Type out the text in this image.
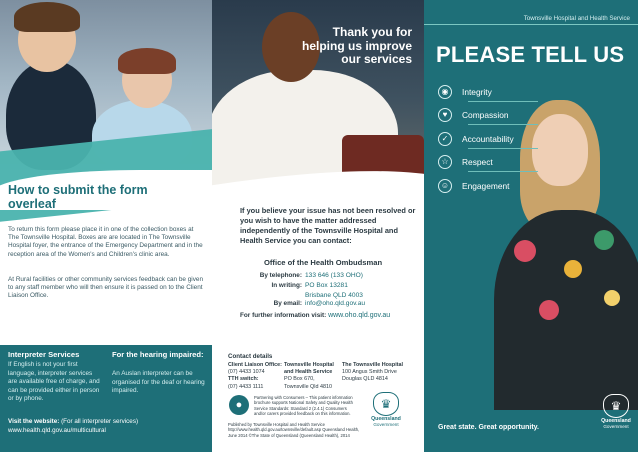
How to submit the form overleaf
To return this form please place it in one of the collection boxes at The Townsville Hospital. Boxes are are located in The Townsville Hospital foyer, the entrance of the Emergency Department and in the reception area of the Women's and Children's clinic area.
At Rural facilities or other community services feedback can be given to any staff member who will then ensure it is passed on to the Client Liaison Office.
Interpreter Services
If English is not your first language, interpreter services are available free of charge, and can be provided either in person or by phone.
For the hearing impaired:
An Auslan interpreter can be organised for the deaf or hearing impaired.
Visit the website: (For all interpreter services)
www.health.qld.gov.au/multicultural
Thank you for helping us improve our services
If you believe your issue has not been resolved or you wish to have the matter addressed independently of the Townsville Hospital and Health Service you can contact:
Office of the Health Ombudsman
By telephone: 133 646 (133 OHO)
In writing: PO Box 13281
Brisbane QLD 4003
By email: info@oho.qld.gov.au
For further information visit: www.oho.qld.gov.au
Contact details
Client Liaison Office:
(07) 4433 1074
TTH switch:
(07) 4433 1111
Townsville Hospital
and Health Service
PO Box 670,
Townsville Qld 4810
The Townsville Hospital
100 Angus Smith Drive
Douglas QLD 4814
●
Partnering with Consumers – This patient information brochure supports National Safety and Quality Health Service Standards: Standard 2 (2.4.1) Consumers and/or carers provided feedback on this information.
Published by Townsville Hospital and Health Service http://www.health.qld.gov.au/townsville/default.asp Queensland Health, June 2014 ©The State of Queensland (Queensland Health), 2014
♛
Queensland
Government
Townsville Hospital and Health Service
PLEASE TELL US
◉	Integrity
♥	Compassion
✓	Accountability
☆	Respect
☺	Engagement
Great state. Great opportunity.
♛
Queensland
Government
